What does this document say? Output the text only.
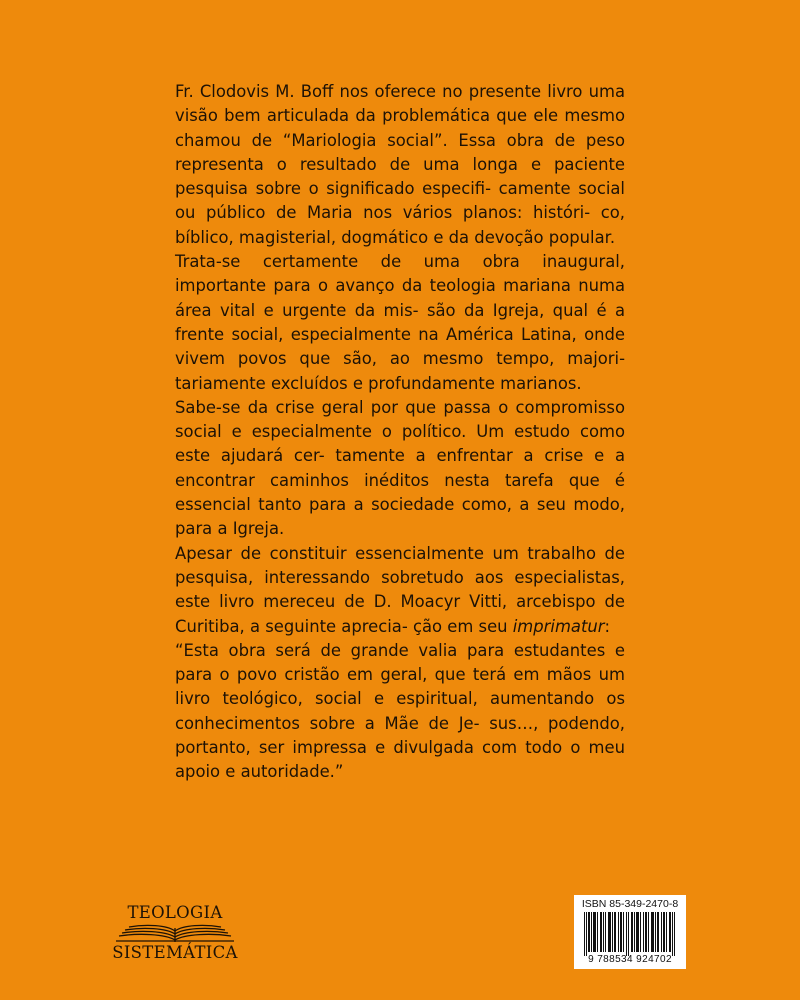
Fr. Clodovis M. Boff nos oferece no presente livro uma visão bem articulada da problemática que ele mesmo chamou de “Mariologia social”. Essa obra de peso representa o resultado de uma longa e paciente pesquisa sobre o significado especifi- camente social ou público de Maria nos vários planos: históri- co, bíblico, magisterial, dogmático e da devoção popular.

Trata-se certamente de uma obra inaugural, importante para o avanço da teologia mariana numa área vital e urgente da mis- são da Igreja, qual é a frente social, especialmente na América Latina, onde vivem povos que são, ao mesmo tempo, majori- tariamente excluídos e profundamente marianos.

Sabe-se da crise geral por que passa o compromisso social e especialmente o político. Um estudo como este ajudará cer- tamente a enfrentar a crise e a encontrar caminhos inéditos nesta tarefa que é essencial tanto para a sociedade como, a seu modo, para a Igreja.

Apesar de constituir essencialmente um trabalho de pesquisa, interessando sobretudo aos especialistas, este livro mereceu de D. Moacyr Vitti, arcebispo de Curitiba, a seguinte aprecia- ção em seu imprimatur:

“Esta obra será de grande valia para estudantes e para o povo cristão em geral, que terá em mãos um livro teológico, social e espiritual, aumentando os conhecimentos sobre a Mãe de Je- sus…, podendo, portanto, ser impressa e divulgada com todo o meu apoio e autoridade.”

TEOLOGIA
SISTEMÁTICA
ISBN 85-349-2470-8
9 788534 924702
